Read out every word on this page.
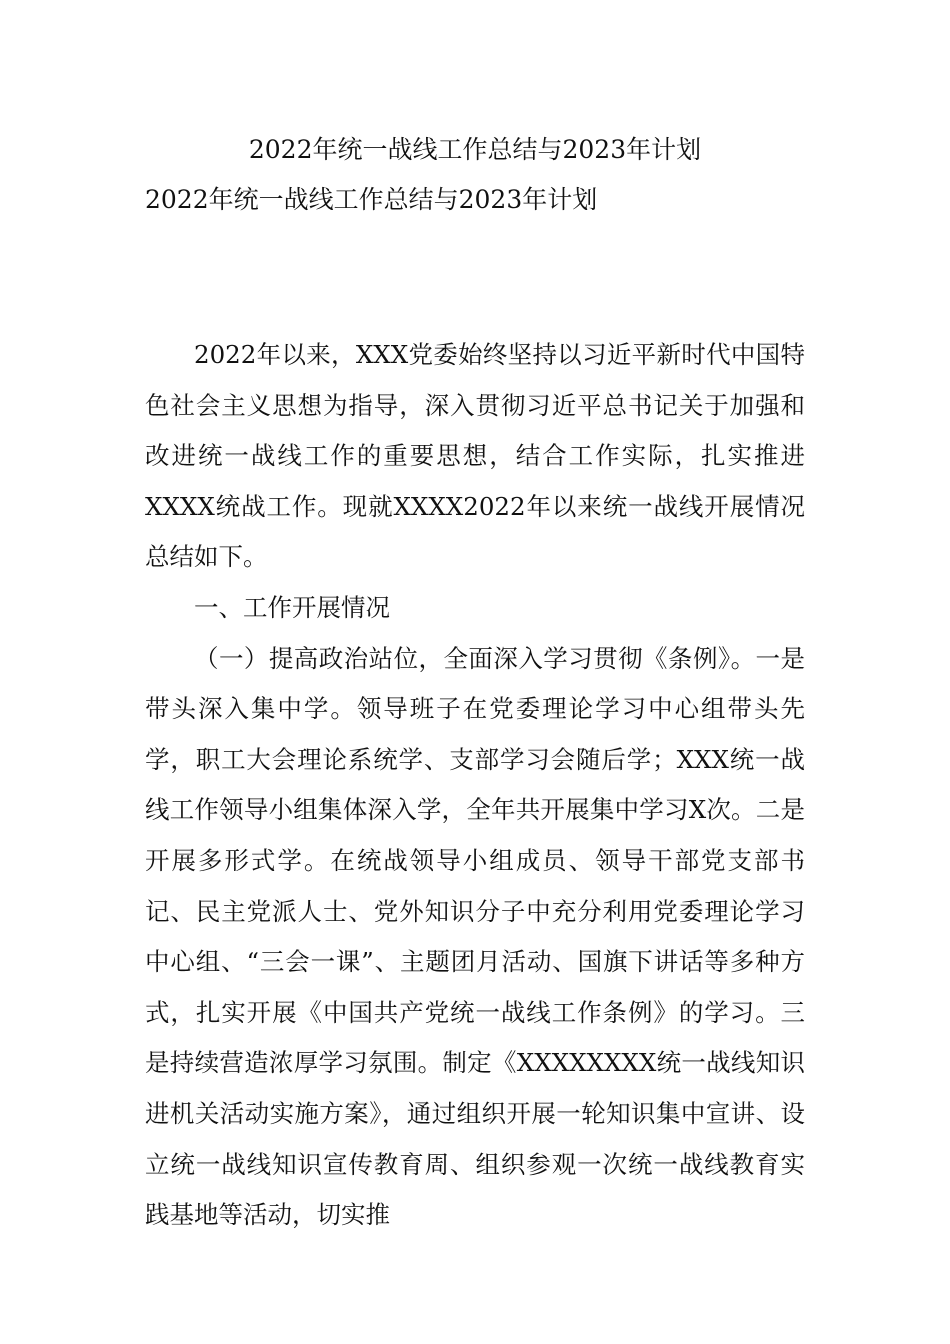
2022年统一战线工作总结与2023年计划
2022年统一战线工作总结与2023年计划

2022年以来，XXX党委始终坚持以习近平新时代中国特色社会主义思想为指导，深入贯彻习近平总书记关于加强和改进统一战线工作的重要思想，结合工作实际，扎实推进XXXX统战工作。现就XXXX2022年以来统一战线开展情况总结如下。

一、工作开展情况

（一）提高政治站位，全面深入学习贯彻《条例》。一是带头深入集中学。领导班子在党委理论学习中心组带头先学，职工大会理论系统学、支部学习会随后学；XXX统一战线工作领导小组集体深入学，全年共开展集中学习X次。二是开展多形式学。在统战领导小组成员、领导干部党支部书记、民主党派人士、党外知识分子中充分利用党委理论学习中心组、“三会一课”、主题团月活动、国旗下讲话等多种方式，扎实开展《中国共产党统一战线工作条例》的学习。三是持续营造浓厚学习氛围。制定《XXXXXXXX统一战线知识进机关活动实施方案》，通过组织开展一轮知识集中宣讲、设立统一战线知识宣传教育周、组织参观一次统一战线教育实践基地等活动，切实推
